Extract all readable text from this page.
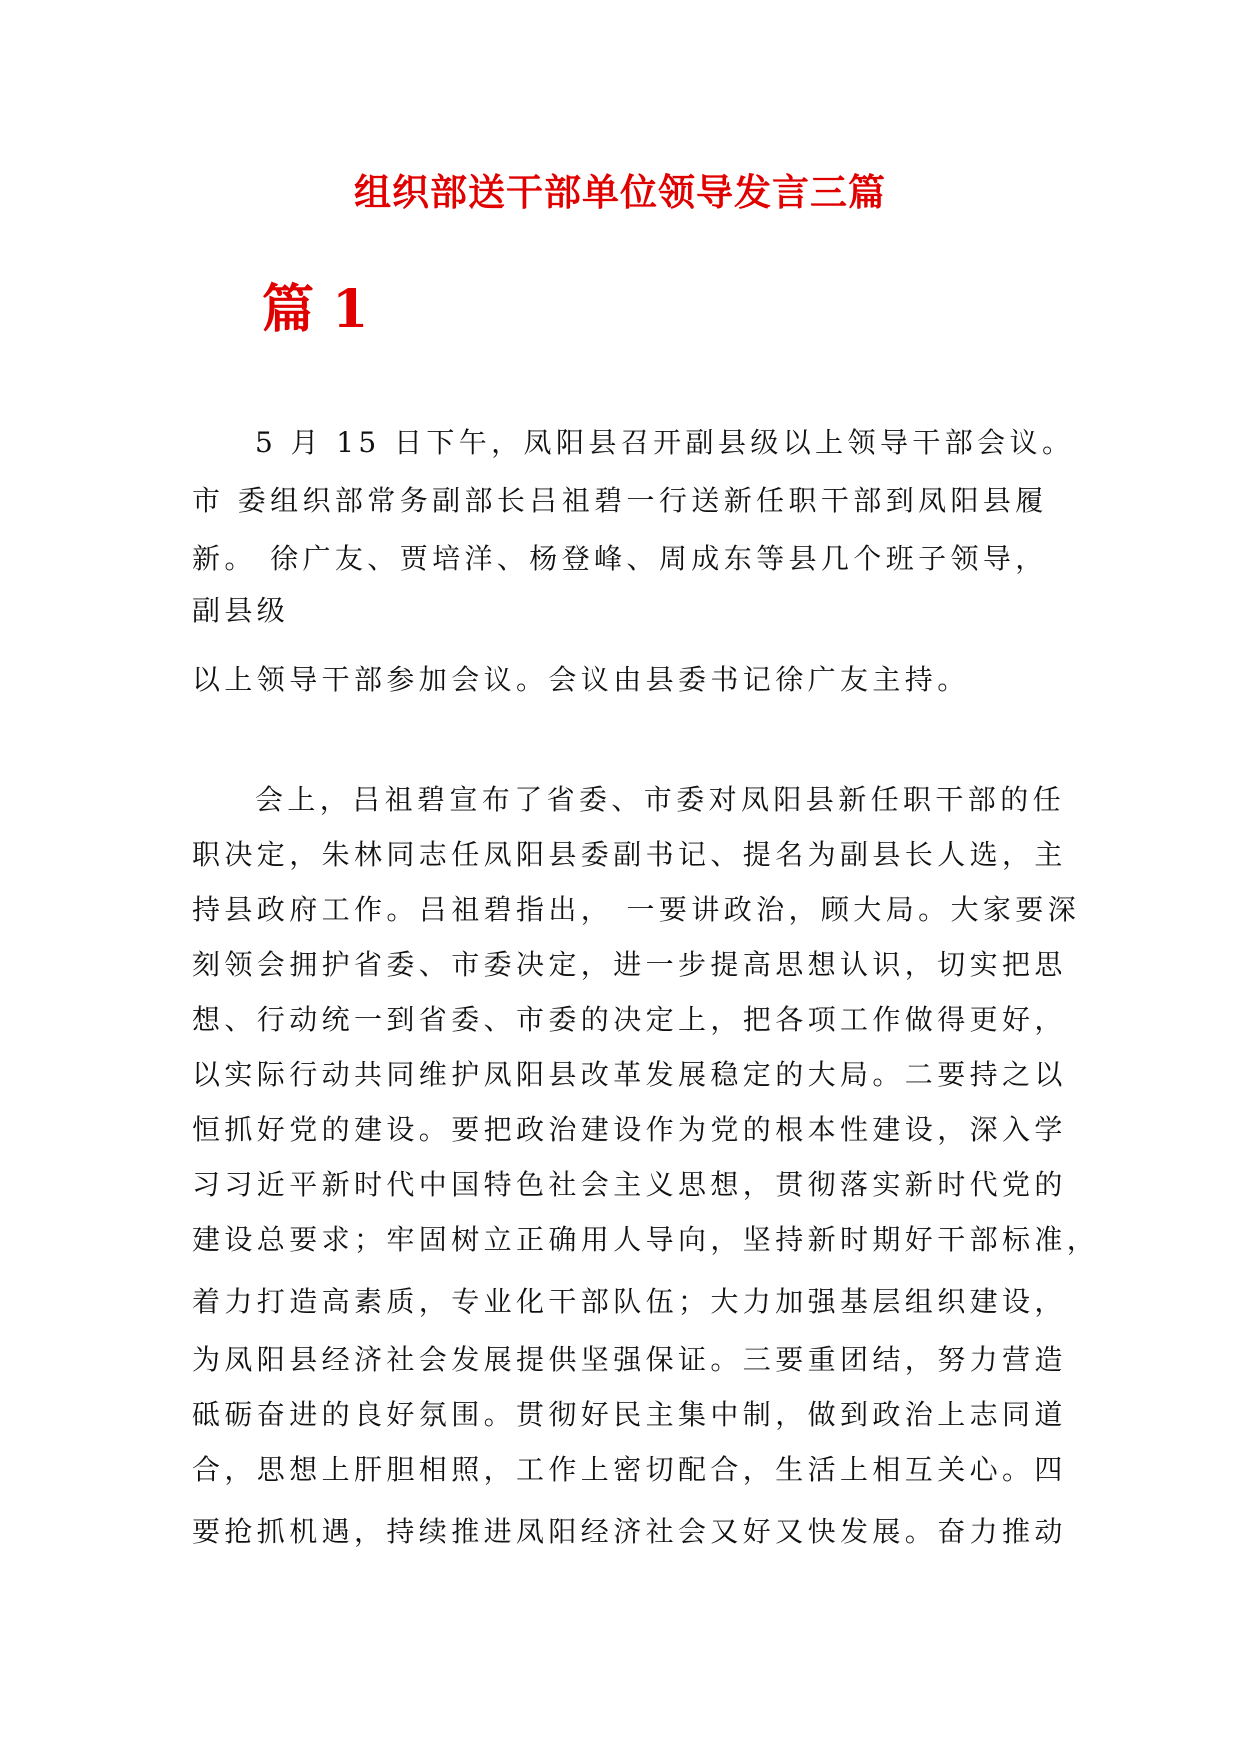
组织部送干部单位领导发言三篇
篇 1
5 月 15 日下午，凤阳县召开副县级以上领导干部会议。
市 委组织部常务副部长吕祖碧一行送新任职干部到凤阳县履
新。 徐广友、贾培洋、杨登峰、周成东等县几个班子领导，
副县级
以上领导干部参加会议。会议由县委书记徐广友主持。
会上，吕祖碧宣布了省委、市委对凤阳县新任职干部的任
职决定，朱林同志任凤阳县委副书记、提名为副县长人选，主
持县政府工作。吕祖碧指出， 一要讲政治，顾大局。大家要深
刻领会拥护省委、市委决定，进一步提高思想认识，切实把思
想、行动统一到省委、市委的决定上，把各项工作做得更好，
以实际行动共同维护凤阳县改革发展稳定的大局。二要持之以
恒抓好党的建设。要把政治建设作为党的根本性建设，深入学
习习近平新时代中国特色社会主义思想，贯彻落实新时代党的
建设总要求；牢固树立正确用人导向，坚持新时期好干部标准，
着力打造高素质，专业化干部队伍；大力加强基层组织建设，
为凤阳县经济社会发展提供坚强保证。三要重团结，努力营造
砥砺奋进的良好氛围。贯彻好民主集中制，做到政治上志同道
合，思想上肝胆相照，工作上密切配合，生活上相互关心。四
要抢抓机遇，持续推进凤阳经济社会又好又快发展。奋力推动
